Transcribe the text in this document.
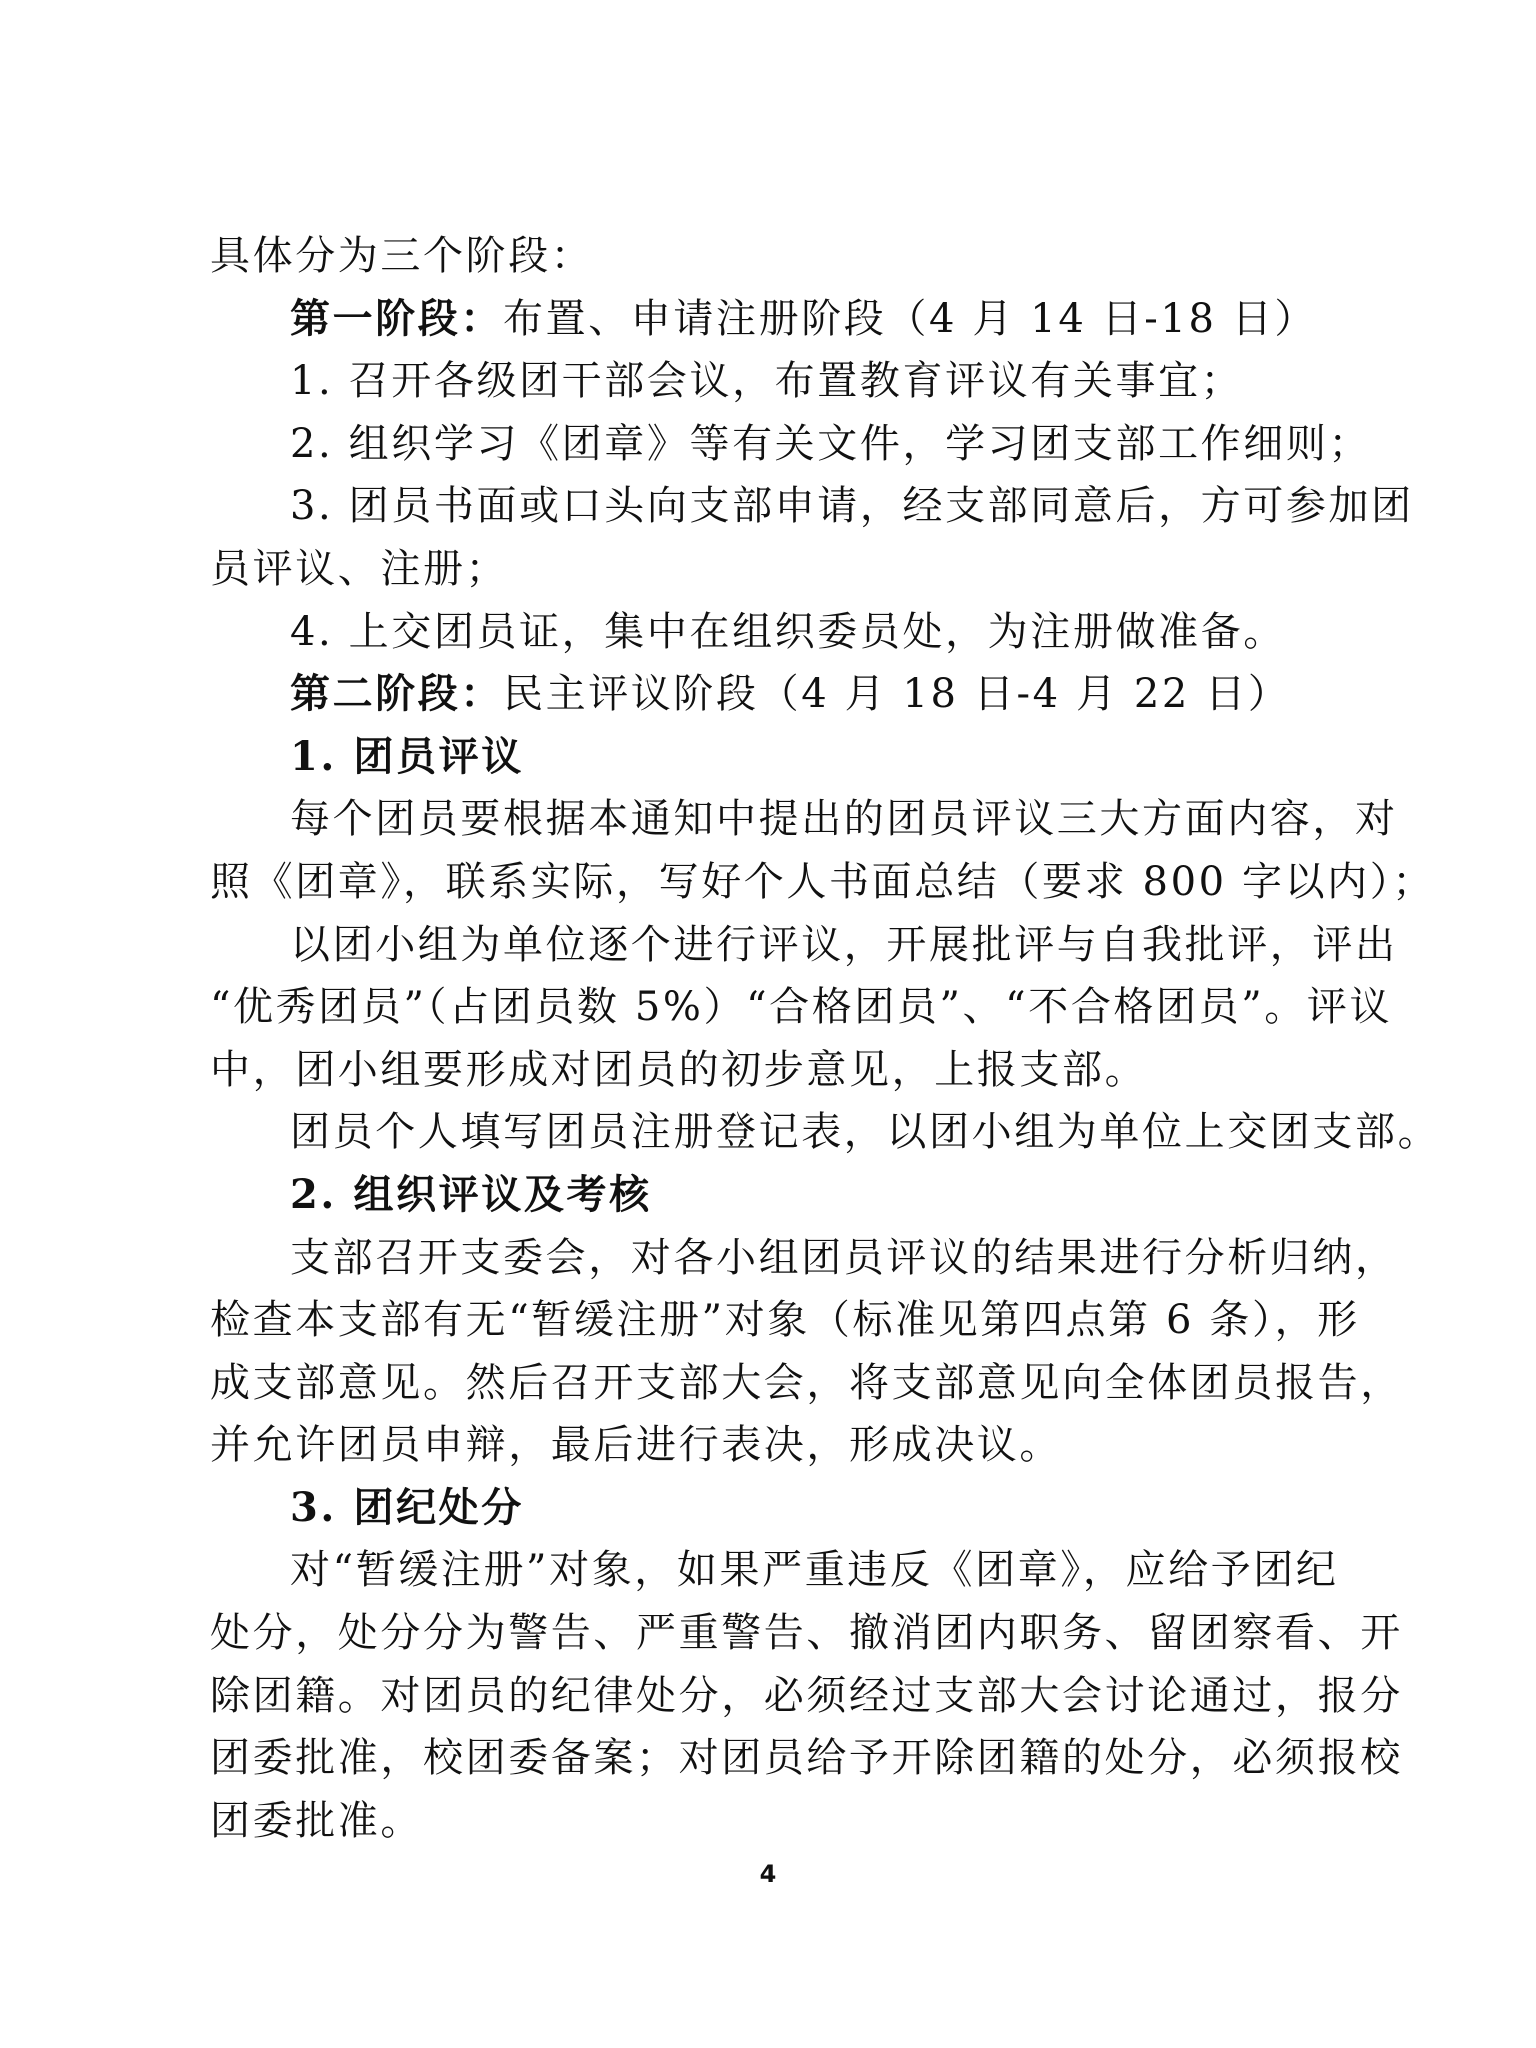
具体分为三个阶段：
第一阶段：布置、申请注册阶段（4 月 14 日-18 日）
1. 召开各级团干部会议，布置教育评议有关事宜；
2. 组织学习《团章》等有关文件，学习团支部工作细则；
3. 团员书面或口头向支部申请，经支部同意后，方可参加团
员评议、注册；
4. 上交团员证，集中在组织委员处，为注册做准备。
第二阶段：民主评议阶段（4 月 18 日-4 月 22 日）
1. 团员评议
每个团员要根据本通知中提出的团员评议三大方面内容，对
照《团章》，联系实际，写好个人书面总结（要求 800 字以内）；
以团小组为单位逐个进行评议，开展批评与自我批评，评出
“优秀团员”（占团员数 5%）“合格团员”、“不合格团员”。评议
中，团小组要形成对团员的初步意见，上报支部。
团员个人填写团员注册登记表，以团小组为单位上交团支部。
2. 组织评议及考核
支部召开支委会，对各小组团员评议的结果进行分析归纳，
检查本支部有无“暂缓注册”对象（标准见第四点第 6 条），形
成支部意见。然后召开支部大会，将支部意见向全体团员报告，
并允许团员申辩，最后进行表决，形成决议。
3. 团纪处分
对“暂缓注册”对象，如果严重违反《团章》，应给予团纪
处分，处分分为警告、严重警告、撤消团内职务、留团察看、开
除团籍。对团员的纪律处分，必须经过支部大会讨论通过，报分
团委批准，校团委备案；对团员给予开除团籍的处分，必须报校
团委批准。
4
